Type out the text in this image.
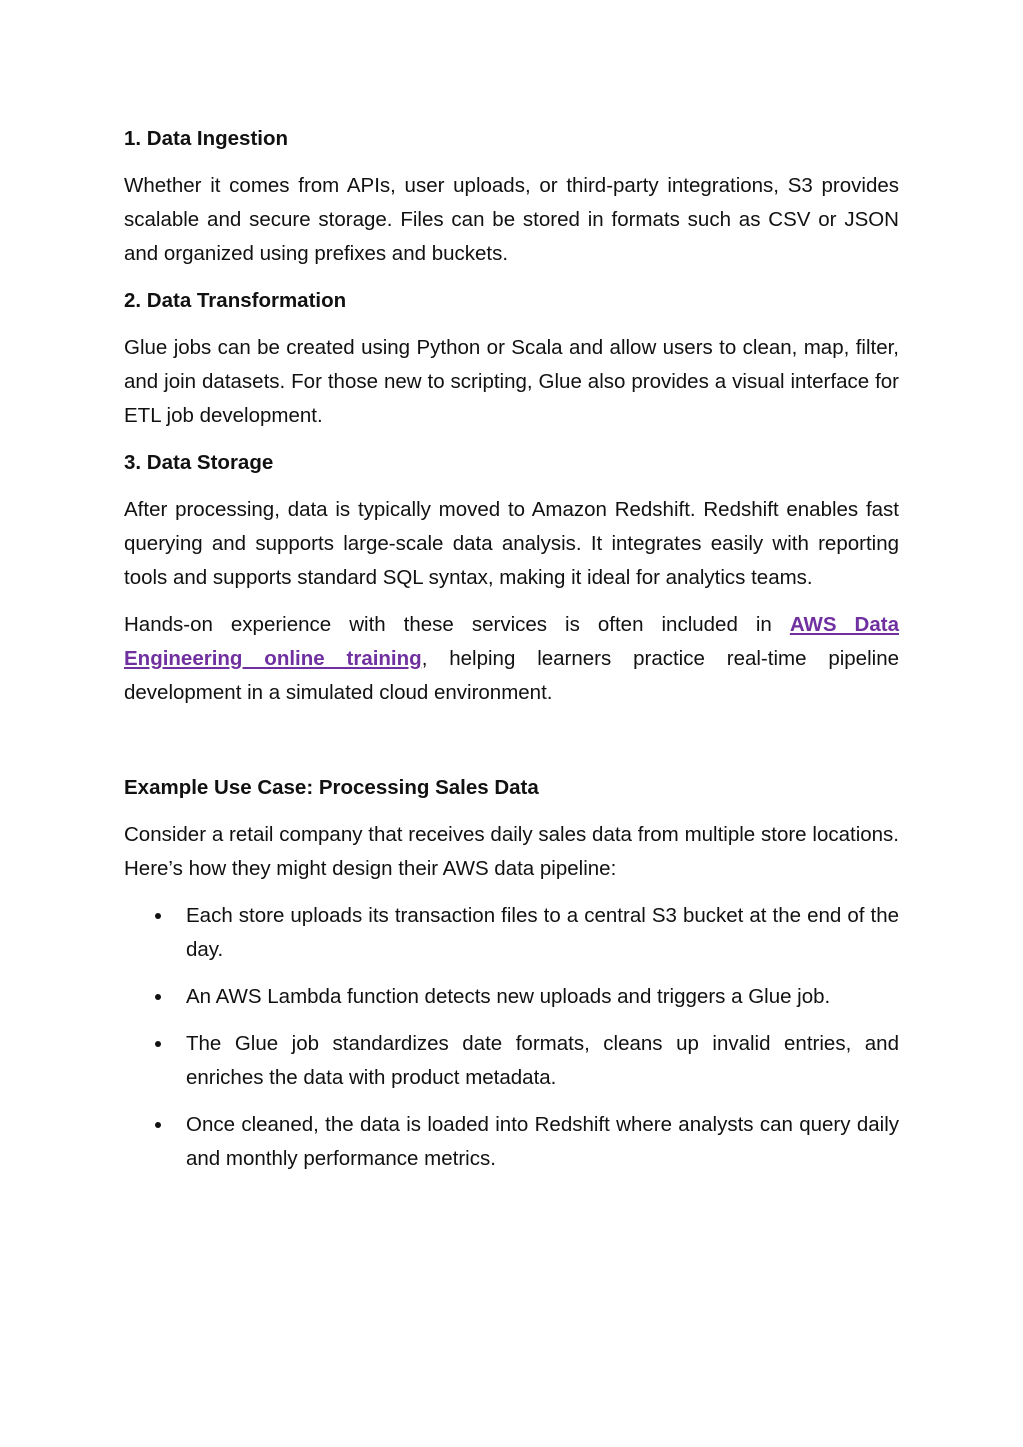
1. Data Ingestion

Whether it comes from APIs, user uploads, or third-party integrations, S3 provides scalable and secure storage. Files can be stored in formats such as CSV or JSON and organized using prefixes and buckets.

2. Data Transformation

Glue jobs can be created using Python or Scala and allow users to clean, map, filter, and join datasets. For those new to scripting, Glue also provides a visual interface for ETL job development.

3. Data Storage

After processing, data is typically moved to Amazon Redshift. Redshift enables fast querying and supports large-scale data analysis. It integrates easily with reporting tools and supports standard SQL syntax, making it ideal for analytics teams.

Hands-on experience with these services is often included in AWS Data Engineering online training, helping learners practice real-time pipeline development in a simulated cloud environment.

Example Use Case: Processing Sales Data

Consider a retail company that receives daily sales data from multiple store locations. Here’s how they might design their AWS data pipeline:

Each store uploads its transaction files to a central S3 bucket at the end of the day.
An AWS Lambda function detects new uploads and triggers a Glue job.
The Glue job standardizes date formats, cleans up invalid entries, and enriches the data with product metadata.
Once cleaned, the data is loaded into Redshift where analysts can query daily and monthly performance metrics.
